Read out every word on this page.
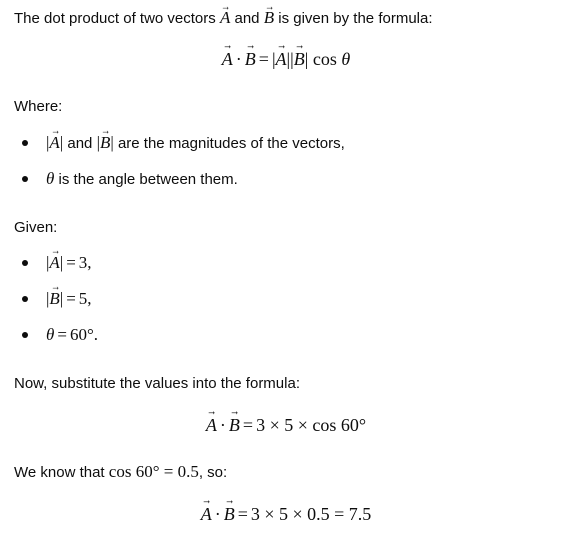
The dot product of two vectors A → and B → is given by the formula:
A → · B → = |A →||B →| cos θ
Where:
|A →| and |B →| are the magnitudes of the vectors,
θ is the angle between them.
Given:
|A →| = 3,
|B →| = 5,
θ = 60°.
Now, substitute the values into the formula:
A → · B → = 3 × 5 × cos 60°
We know that cos 60° = 0.5, so:
A → · B → = 3 × 5 × 0.5 = 7.5
